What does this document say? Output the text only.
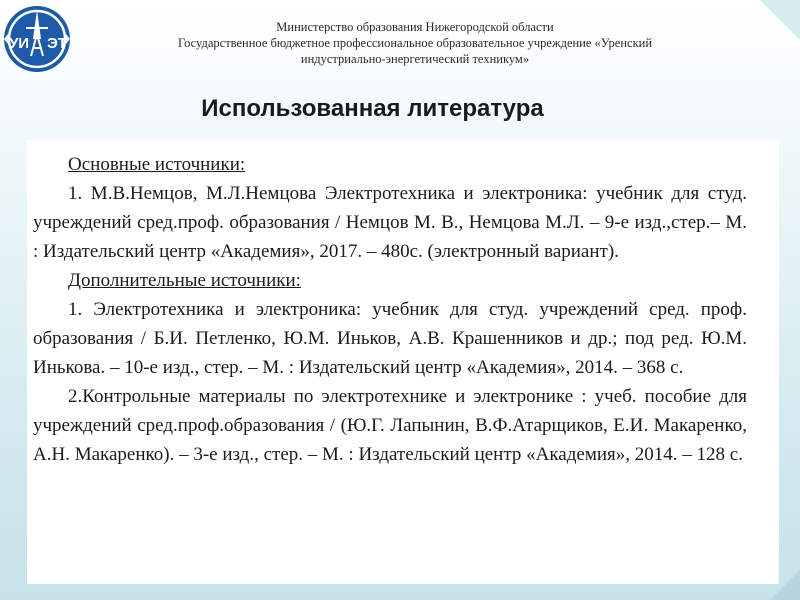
УИ ЭТ
Министерство образования Нижегородской области
Государственное бюджетное профессиональное образовательное учреждение «Уренский
индустриально-энергетический техникум»
Использованная литература

Основные источники:

1. М.В.Немцов, М.Л.Немцова Электротехника и электроника: учебник для студ. учреждений сред.проф. образования / Немцов М. В., Немцова М.Л. – 9-е изд.,стер.– М. : Издательский центр «Академия», 2017. – 480с. (электронный вариант).

Дополнительные источники:

1. Электротехника и электроника: учебник для студ. учреждений сред. проф. образования / Б.И. Петленко, Ю.М. Иньков, А.В. Крашенников и др.; под ред. Ю.М. Инькова. – 10-е изд., стер. – М. : Издательский центр «Академия», 2014. – 368 с.

2.Контрольные материалы по электротехнике и электронике : учеб. пособие для учреждений сред.проф.образования / (Ю.Г. Лапынин, В.Ф.Атарщиков, Е.И. Макаренко, А.Н. Макаренко). – 3-е изд., стер. – М. : Издательский центр «Академия», 2014. – 128 с.
